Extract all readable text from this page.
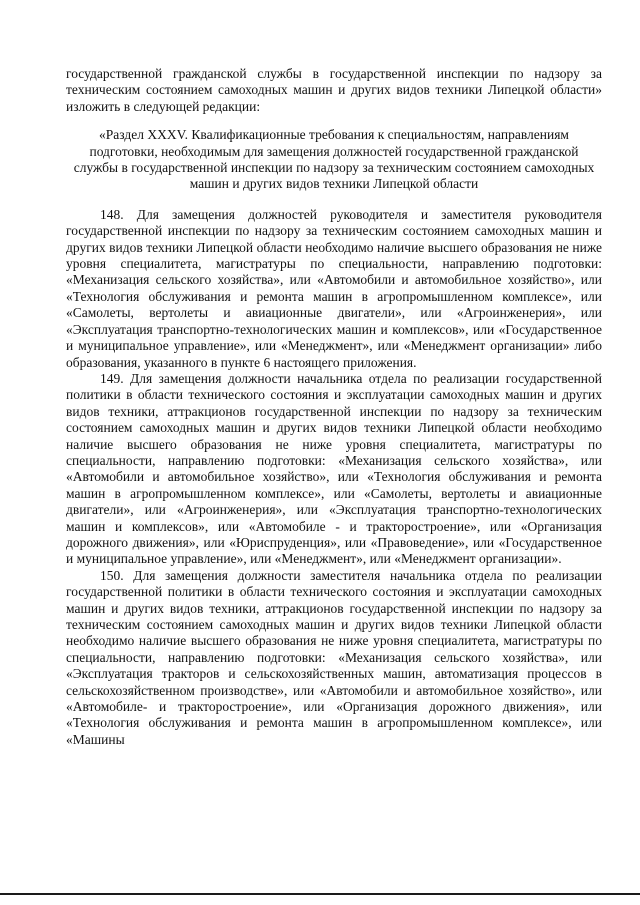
государственной гражданской службы в государственной инспекции по надзору за техническим состоянием самоходных машин и других видов техники Липецкой области» изложить в следующей редакции:

«Раздел XXXV. Квалификационные требования к специальностям, направлениям подготовки, необходимым для замещения должностей государственной гражданской службы в государственной инспекции по надзору за техническим состоянием самоходных машин и других видов техники Липецкой области

148. Для замещения должностей руководителя и заместителя руководителя государственной инспекции по надзору за техническим состоянием самоходных машин и других видов техники Липецкой области необходимо наличие высшего образования не ниже уровня специалитета, магистратуры по специальности, направлению подготовки: «Механизация сельского хозяйства», или «Автомобили и автомобильное хозяйство», или «Технология обслуживания и ремонта машин в агропромышленном комплексе», или «Самолеты, вертолеты и авиационные двигатели», или «Агроинженерия», или «Эксплуатация транспортно-технологических машин и комплексов», или «Государственное и муниципальное управление», или «Менеджмент», или «Менеджмент организации» либо образования, указанного в пункте 6 настоящего приложения.

149. Для замещения должности начальника отдела по реализации государственной политики в области технического состояния и эксплуатации самоходных машин и других видов техники, аттракционов государственной инспекции по надзору за техническим состоянием самоходных машин и других видов техники Липецкой области необходимо наличие высшего образования не ниже уровня специалитета, магистратуры по специальности, направлению подготовки: «Механизация сельского хозяйства», или «Автомобили и автомобильное хозяйство», или «Технология обслуживания и ремонта машин в агропромышленном комплексе», или «Самолеты, вертолеты и авиационные двигатели», или «Агроинженерия», или «Эксплуатация транспортно-технологических машин и комплексов», или «Автомобиле - и тракторостроение», или «Организация дорожного движения», или «Юриспруденция», или «Правоведение», или «Государственное и муниципальное управление», или «Менеджмент», или «Менеджмент организации».

150. Для замещения должности заместителя начальника отдела по реализации государственной политики в области технического состояния и эксплуатации самоходных машин и других видов техники, аттракционов государственной инспекции по надзору за техническим состоянием самоходных машин и других видов техники Липецкой области необходимо наличие высшего образования не ниже уровня специалитета, магистратуры по специальности, направлению подготовки: «Механизация сельского хозяйства», или «Эксплуатация тракторов и сельскохозяйственных машин, автоматизация процессов в сельскохозяйственном производстве», или «Автомобили и автомобильное хозяйство», или «Автомобиле- и тракторостроение», или «Организация дорожного движения», или «Технология обслуживания и ремонта машин в агропромышленном комплексе», или «Машины
